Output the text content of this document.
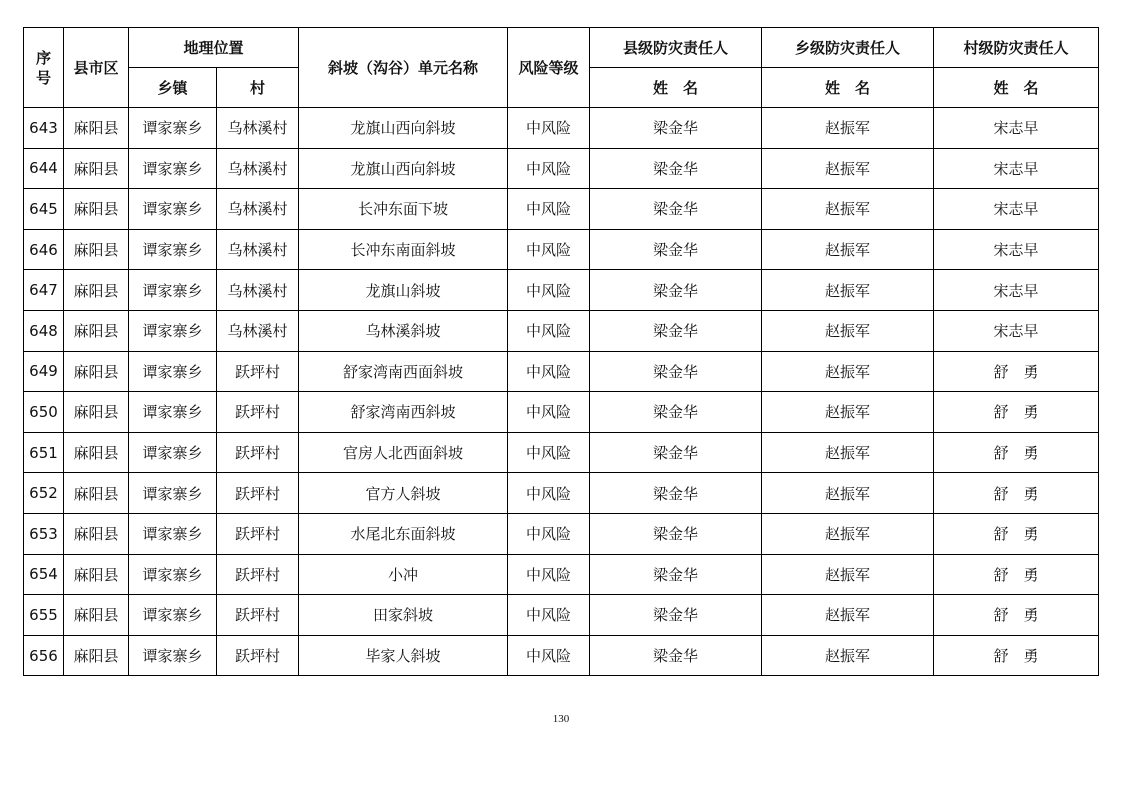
序
号	县市区	地理位置		斜坡（沟谷）单元名称	风险等级	县级防灾责任人	乡级防灾责任人	村级防灾责任人
		乡镇	村			姓　名	姓　名	姓　名
643	麻阳县	谭家寨乡	乌林溪村	龙旗山西向斜坡	中风险	梁金华	赵振军	宋志早
644	麻阳县	谭家寨乡	乌林溪村	龙旗山西向斜坡	中风险	梁金华	赵振军	宋志早
645	麻阳县	谭家寨乡	乌林溪村	长冲东面下坡	中风险	梁金华	赵振军	宋志早
646	麻阳县	谭家寨乡	乌林溪村	长冲东南面斜坡	中风险	梁金华	赵振军	宋志早
647	麻阳县	谭家寨乡	乌林溪村	龙旗山斜坡	中风险	梁金华	赵振军	宋志早
648	麻阳县	谭家寨乡	乌林溪村	乌林溪斜坡	中风险	梁金华	赵振军	宋志早
649	麻阳县	谭家寨乡	跃坪村	舒家湾南西面斜坡	中风险	梁金华	赵振军	舒　勇
650	麻阳县	谭家寨乡	跃坪村	舒家湾南西斜坡	中风险	梁金华	赵振军	舒　勇
651	麻阳县	谭家寨乡	跃坪村	官房人北西面斜坡	中风险	梁金华	赵振军	舒　勇
652	麻阳县	谭家寨乡	跃坪村	官方人斜坡	中风险	梁金华	赵振军	舒　勇
653	麻阳县	谭家寨乡	跃坪村	水尾北东面斜坡	中风险	梁金华	赵振军	舒　勇
654	麻阳县	谭家寨乡	跃坪村	小冲	中风险	梁金华	赵振军	舒　勇
655	麻阳县	谭家寨乡	跃坪村	田家斜坡	中风险	梁金华	赵振军	舒　勇
656	麻阳县	谭家寨乡	跃坪村	毕家人斜坡	中风险	梁金华	赵振军	舒　勇
130
